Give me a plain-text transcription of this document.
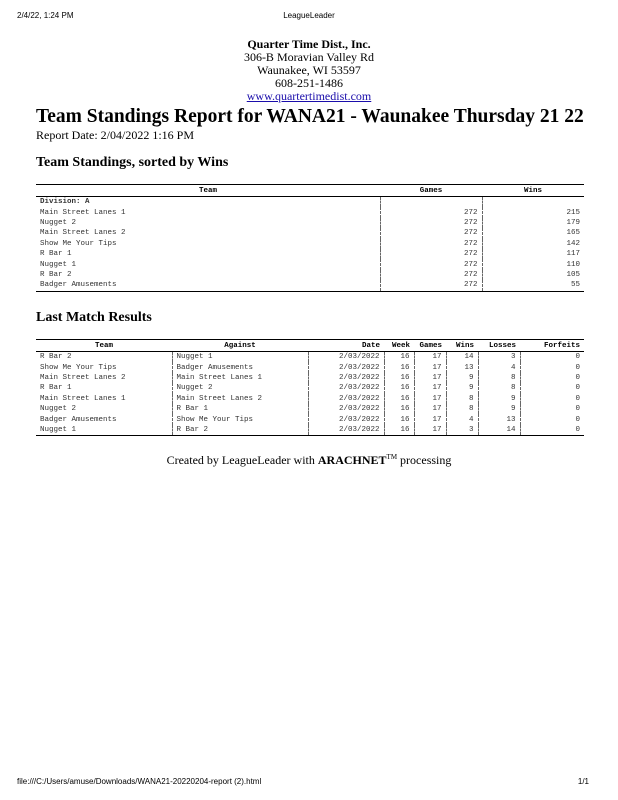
2/4/22, 1:24 PM	LeagueLeader
Quarter Time Dist., Inc.
306-B Moravian Valley Rd
Waunakee, WI 53597
608-251-1486
www.quartertimedist.com
Team Standings Report for WANA21 - Waunakee Thursday 21 22
Report Date: 2/04/2022 1:16 PM
Team Standings, sorted by Wins
Team	Games	Wins
Division: A		
Main Street Lanes 1	272	215
Nugget 2	272	179
Main Street Lanes 2	272	165
Show Me Your Tips	272	142
R Bar 1	272	117
Nugget 1	272	110
R Bar 2	272	105
Badger Amusements	272	55
Last Match Results
Team	Against	Date	Week	Games	Wins	Losses	Forfeits
R Bar 2	Nugget 1	2/03/2022	16	17	14	3	0
Show Me Your Tips	Badger Amusements	2/03/2022	16	17	13	4	0
Main Street Lanes 2	Main Street Lanes 1	2/03/2022	16	17	9	8	0
R Bar 1	Nugget 2	2/03/2022	16	17	9	8	0
Main Street Lanes 1	Main Street Lanes 2	2/03/2022	16	17	8	9	0
Nugget 2	R Bar 1	2/03/2022	16	17	8	9	0
Badger Amusements	Show Me Your Tips	2/03/2022	16	17	4	13	0
Nugget 1	R Bar 2	2/03/2022	16	17	3	14	0
Created by LeagueLeader with ARACHNET™ processing
file:///C:/Users/amuse/Downloads/WANA21-20220204-report (2).html	1/1
